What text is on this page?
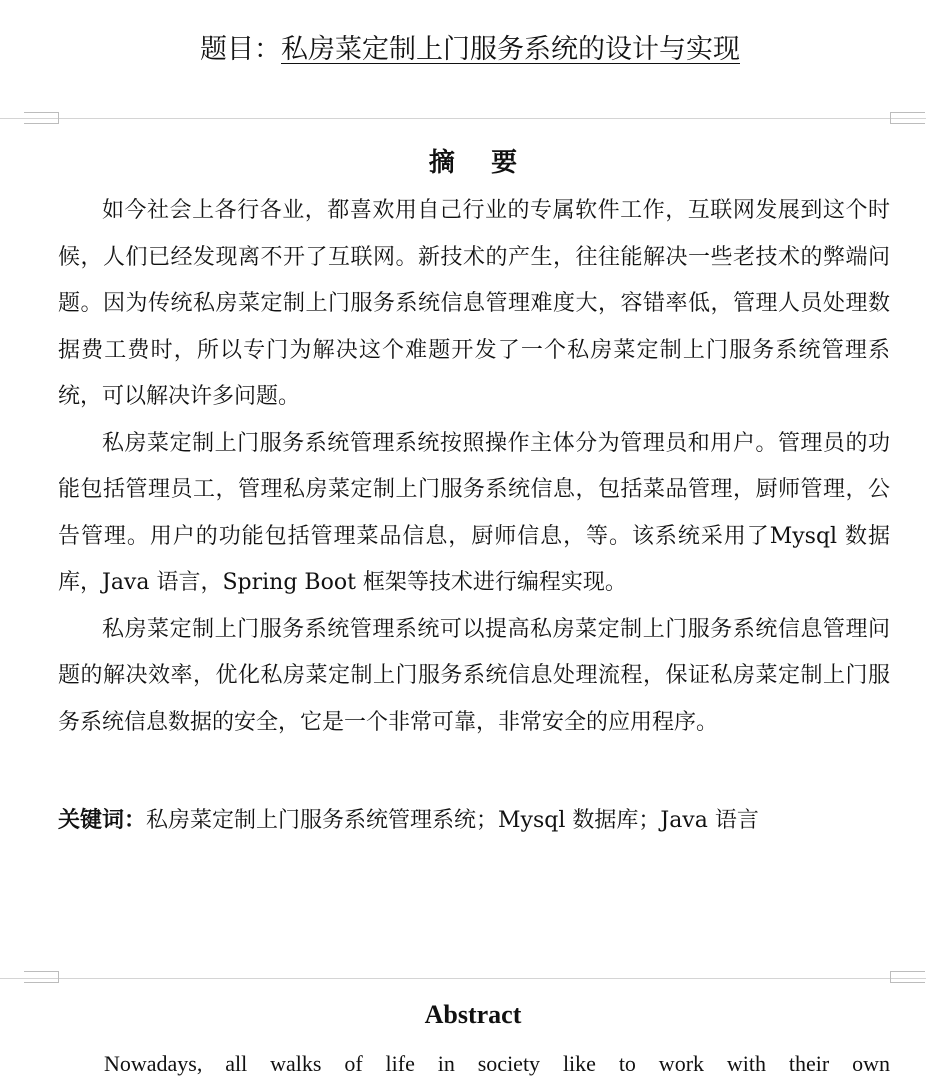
题目：私房菜定制上门服务系统的设计与实现
摘    要

如今社会上各行各业，都喜欢用自己行业的专属软件工作，互联网发展到这个时候，人们已经发现离不开了互联网。新技术的产生，往往能解决一些老技术的弊端问题。因为传统私房菜定制上门服务系统信息管理难度大，容错率低，管理人员处理数据费工费时，所以专门为解决这个难题开发了一个私房菜定制上门服务系统管理系统，可以解决许多问题。

私房菜定制上门服务系统管理系统按照操作主体分为管理员和用户。管理员的功能包括管理员工，管理私房菜定制上门服务系统信息，包括菜品管理，厨师管理，公告管理。用户的功能包括管理菜品信息，厨师信息，等。该系统采用了Mysql 数据库，Java 语言，Spring Boot 框架等技术进行编程实现。

私房菜定制上门服务系统管理系统可以提高私房菜定制上门服务系统信息管理问题的解决效率，优化私房菜定制上门服务系统信息处理流程，保证私房菜定制上门服务系统信息数据的安全，它是一个非常可靠，非常安全的应用程序。

关键词：私房菜定制上门服务系统管理系统；Mysql 数据库；Java 语言
Abstract
Nowadays, all walks of life in society like to work with their own
